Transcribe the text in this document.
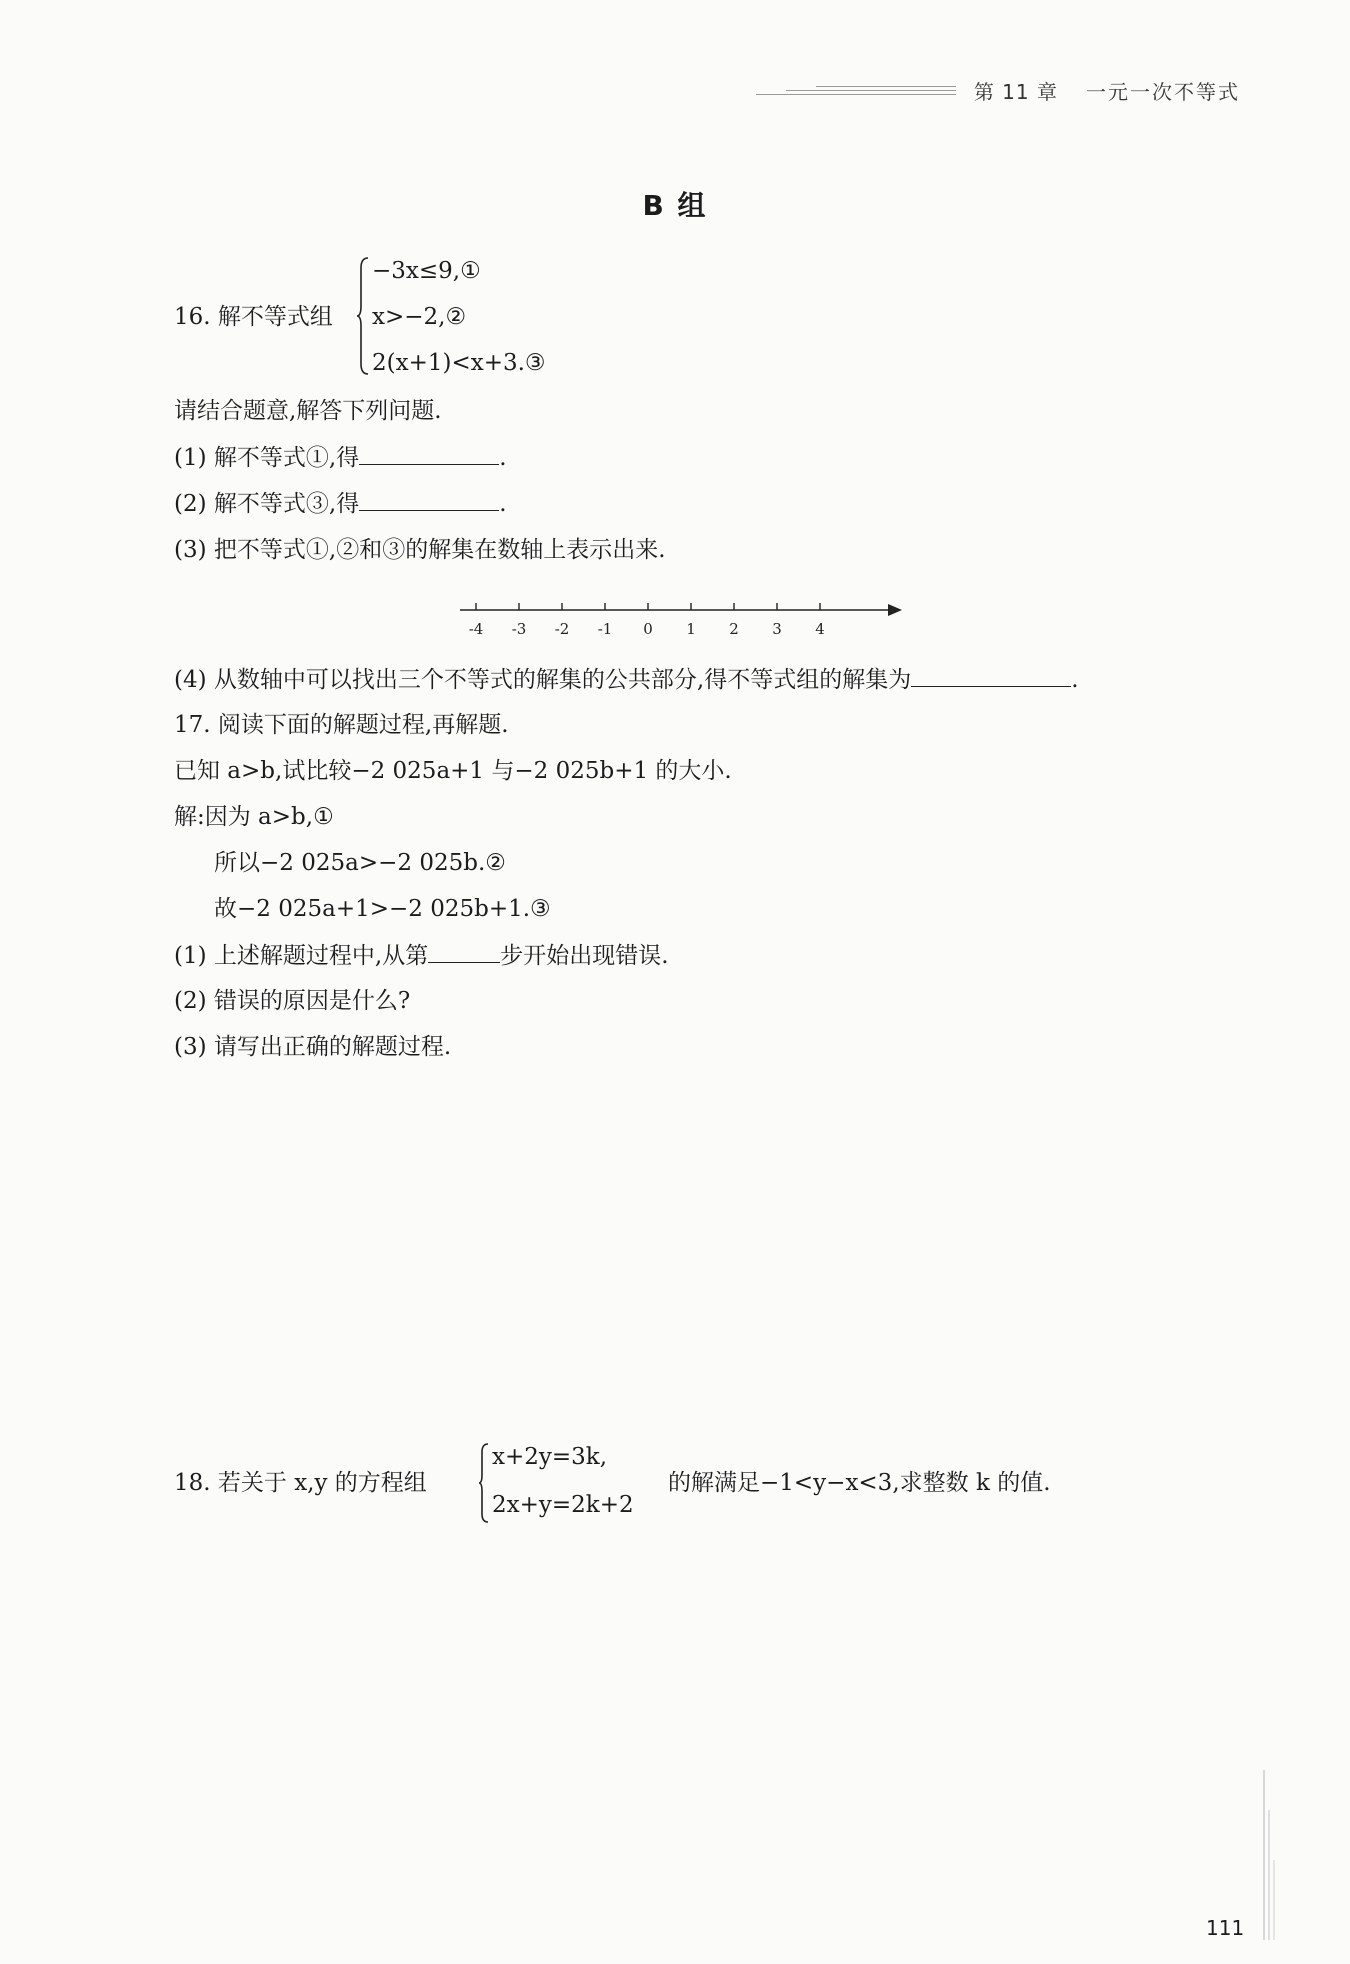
第 11 章 一元一次不等式
B 组
16. 解不等式组
−3x≤9,①
x>−2,②
2(x+1)<x+3.③
请结合题意,解答下列问题.
(1) 解不等式①,得	.
(2) 解不等式③,得	.
(3) 把不等式①,②和③的解集在数轴上表示出来.
-4 -3 -2 -1 0 1 2 3 4
(4) 从数轴中可以找出三个不等式的解集的公共部分,得不等式组的解集为	.
17. 阅读下面的解题过程,再解题.
已知 a>b,试比较−2 025a+1 与−2 025b+1 的大小.
解:因为 a>b,①
所以−2 025a>−2 025b.②
故−2 025a+1>−2 025b+1.③
(1) 上述解题过程中,从第	步开始出现错误.
(2) 错误的原因是什么?
(3) 请写出正确的解题过程.
18. 若关于 x,y 的方程组
x+2y=3k,
2x+y=2k+2
的解满足−1<y−x<3,求整数 k 的值.
111
